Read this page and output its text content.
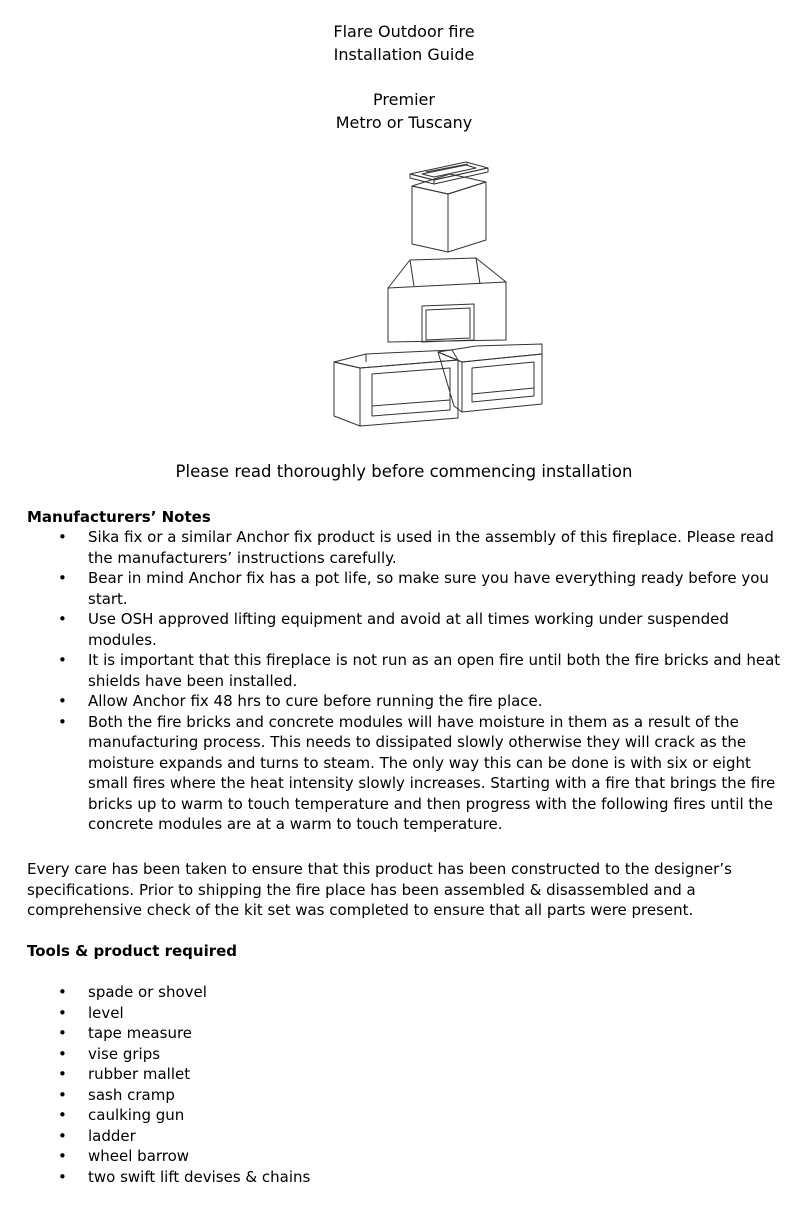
Flare Outdoor fire
Installation Guide
Premier
Metro or Tuscany
Please read thoroughly before commencing installation
Manufacturers’ Notes
• Sika fix or a similar Anchor fix product is used in the assembly of this fireplace. Please read the manufacturers’ instructions carefully.
• Bear in mind Anchor fix has a pot life, so make sure you have everything ready before you start.
• Use OSH approved lifting equipment and avoid at all times working under suspended modules.
• It is important that this fireplace is not run as an open fire until both the fire bricks and heat shields have been installed.
• Allow Anchor fix 48 hrs to cure before running the fire place.
• Both the fire bricks and concrete modules will have moisture in them as a result of the manufacturing process. This needs to dissipated slowly otherwise they will crack as the moisture expands and turns to steam. The only way this can be done is with six or eight small fires where the heat intensity slowly increases. Starting with a fire that brings the fire bricks up to warm to touch temperature and then progress with the following fires until the concrete modules are at a warm to touch temperature.
Every care has been taken to ensure that this product has been constructed to the designer’s specifications. Prior to shipping the fire place has been assembled & disassembled and a comprehensive check of the kit set was completed to ensure that all parts were present.
Tools & product required
• spade or shovel
• level
• tape measure
• vise grips
• rubber mallet
• sash cramp
• caulking gun
• ladder
• wheel barrow
• two swift lift devises & chains
